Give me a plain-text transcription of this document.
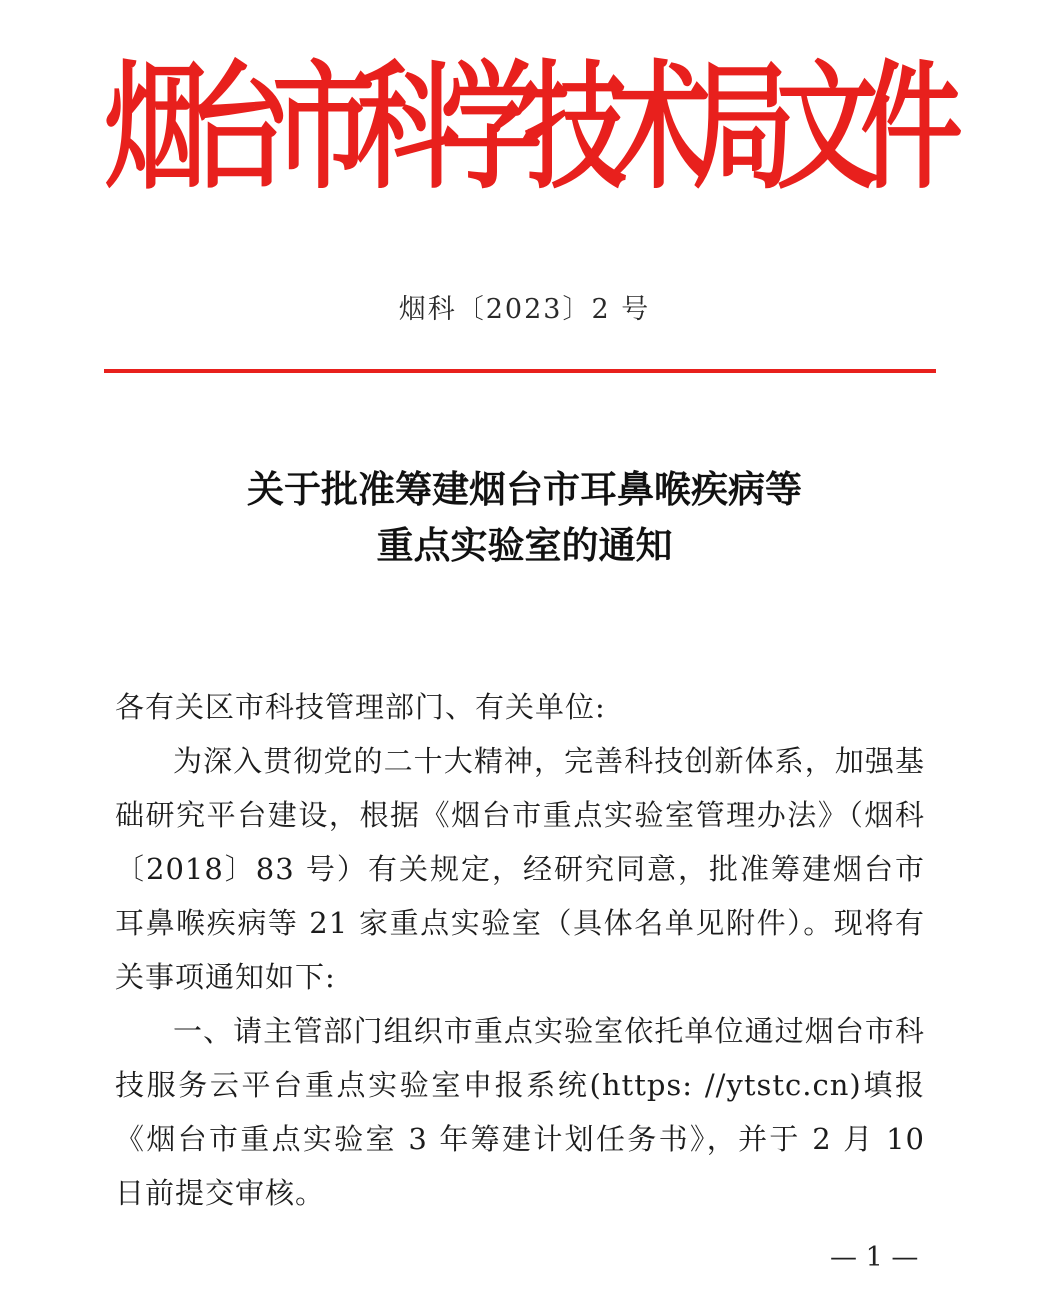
烟台市科学技术局文件
烟科〔2023〕2 号
关于批准筹建烟台市耳鼻喉疾病等
重点实验室的通知

各有关区市科技管理部门、有关单位:

为深入贯彻党的二十大精神，完善科技创新体系，加强基础研究平台建设，根据《烟台市重点实验室管理办法》（烟科〔2018〕83 号）有关规定，经研究同意，批准筹建烟台市耳鼻喉疾病等 21 家重点实验室（具体名单见附件）。现将有关事项通知如下:

一、请主管部门组织市重点实验室依托单位通过烟台市科技服务云平台重点实验室申报系统(https: //ytstc.cn)填报《烟台市重点实验室 3 年筹建计划任务书》，并于 2 月 10 日前提交审核。

— 1 —
